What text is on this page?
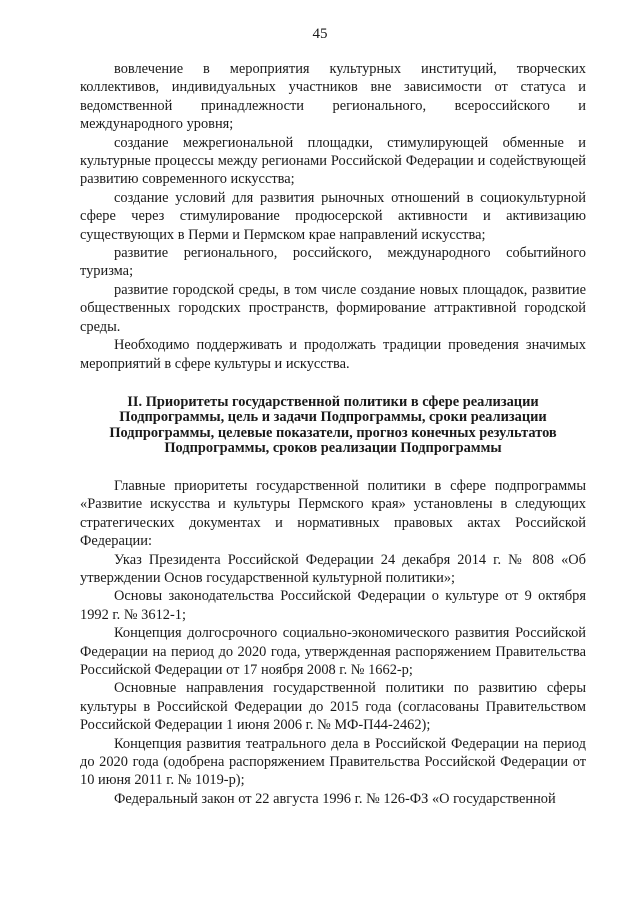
45

вовлечение в мероприятия культурных институций, творческих коллективов, индивидуальных участников вне зависимости от статуса и ведомственной принадлежности регионального, всероссийского и международного уровня;

создание межрегиональной площадки, стимулирующей обменные и культурные процессы между регионами Российской Федерации и содействующей развитию современного искусства;

создание условий для развития рыночных отношений в социокультурной сфере через стимулирование продюсерской активности и активизацию существующих в Перми и Пермском крае направлений искусства;

развитие регионального, российского, международного событийного туризма;

развитие городской среды, в том числе создание новых площадок, развитие общественных городских пространств, формирование аттрактивной городской среды.

Необходимо поддерживать и продолжать традиции проведения значимых мероприятий в сфере культуры и искусства.

II. Приоритеты государственной политики в сфере реализации Подпрограммы, цель и задачи Подпрограммы, сроки реализации Подпрограммы, целевые показатели, прогноз конечных результатов Подпрограммы, сроков реализации Подпрограммы

Главные приоритеты государственной политики в сфере подпрограммы «Развитие искусства и культуры Пермского края» установлены в следующих стратегических документах и нормативных правовых актах Российской Федерации:

Указ Президента Российской Федерации 24 декабря 2014 г. № 808 «Об утверждении Основ государственной культурной политики»;

Основы законодательства Российской Федерации о культуре от 9 октября 1992 г. № 3612-1;

Концепция долгосрочного социально-экономического развития Российской Федерации на период до 2020 года, утвержденная распоряжением Правительства Российской Федерации от 17 ноября 2008 г. № 1662-р;

Основные направления государственной политики по развитию сферы культуры в Российской Федерации до 2015 года (согласованы Правительством Российской Федерации 1 июня 2006 г. № МФ-П44-2462);

Концепция развития театрального дела в Российской Федерации на период до 2020 года (одобрена распоряжением Правительства Российской Федерации от 10 июня 2011 г. № 1019-р);

Федеральный закон от 22 августа 1996 г. № 126-ФЗ «О государственной
